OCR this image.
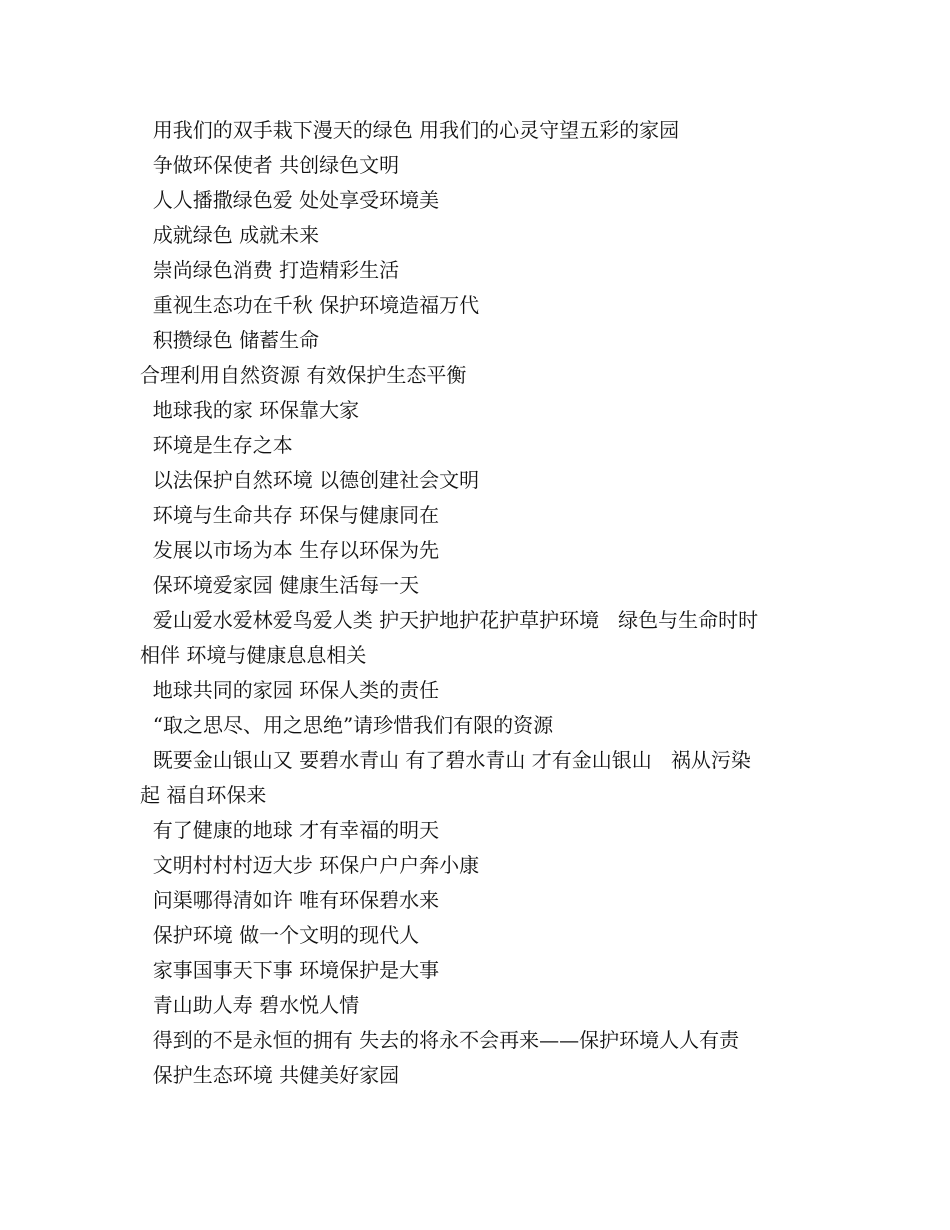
用我们的双手栽下漫天的绿色 用我们的心灵守望五彩的家园
争做环保使者 共创绿色文明
人人播撒绿色爱 处处享受环境美
成就绿色 成就未来
崇尚绿色消费 打造精彩生活
重视生态功在千秋 保护环境造福万代
积攒绿色 储蓄生命
合理利用自然资源 有效保护生态平衡
地球我的家 环保靠大家
环境是生存之本
以法保护自然环境 以德创建社会文明
环境与生命共存 环保与健康同在
发展以市场为本 生存以环保为先
保环境爱家园 健康生活每一天
爱山爱水爱林爱鸟爱人类 护天护地护花护草护环境   绿色与生命时时
相伴 环境与健康息息相关
地球共同的家园 环保人类的责任
“取之思尽、用之思绝”请珍惜我们有限的资源
既要金山银山又 要碧水青山 有了碧水青山 才有金山银山   祸从污染
起 福自环保来
有了健康的地球 才有幸福的明天
文明村村村迈大步 环保户户户奔小康
问渠哪得清如许 唯有环保碧水来
保护环境 做一个文明的现代人
家事国事天下事 环境保护是大事
青山助人寿 碧水悦人情
得到的不是永恒的拥有 失去的将永不会再来——保护环境人人有责
保护生态环境 共健美好家园
